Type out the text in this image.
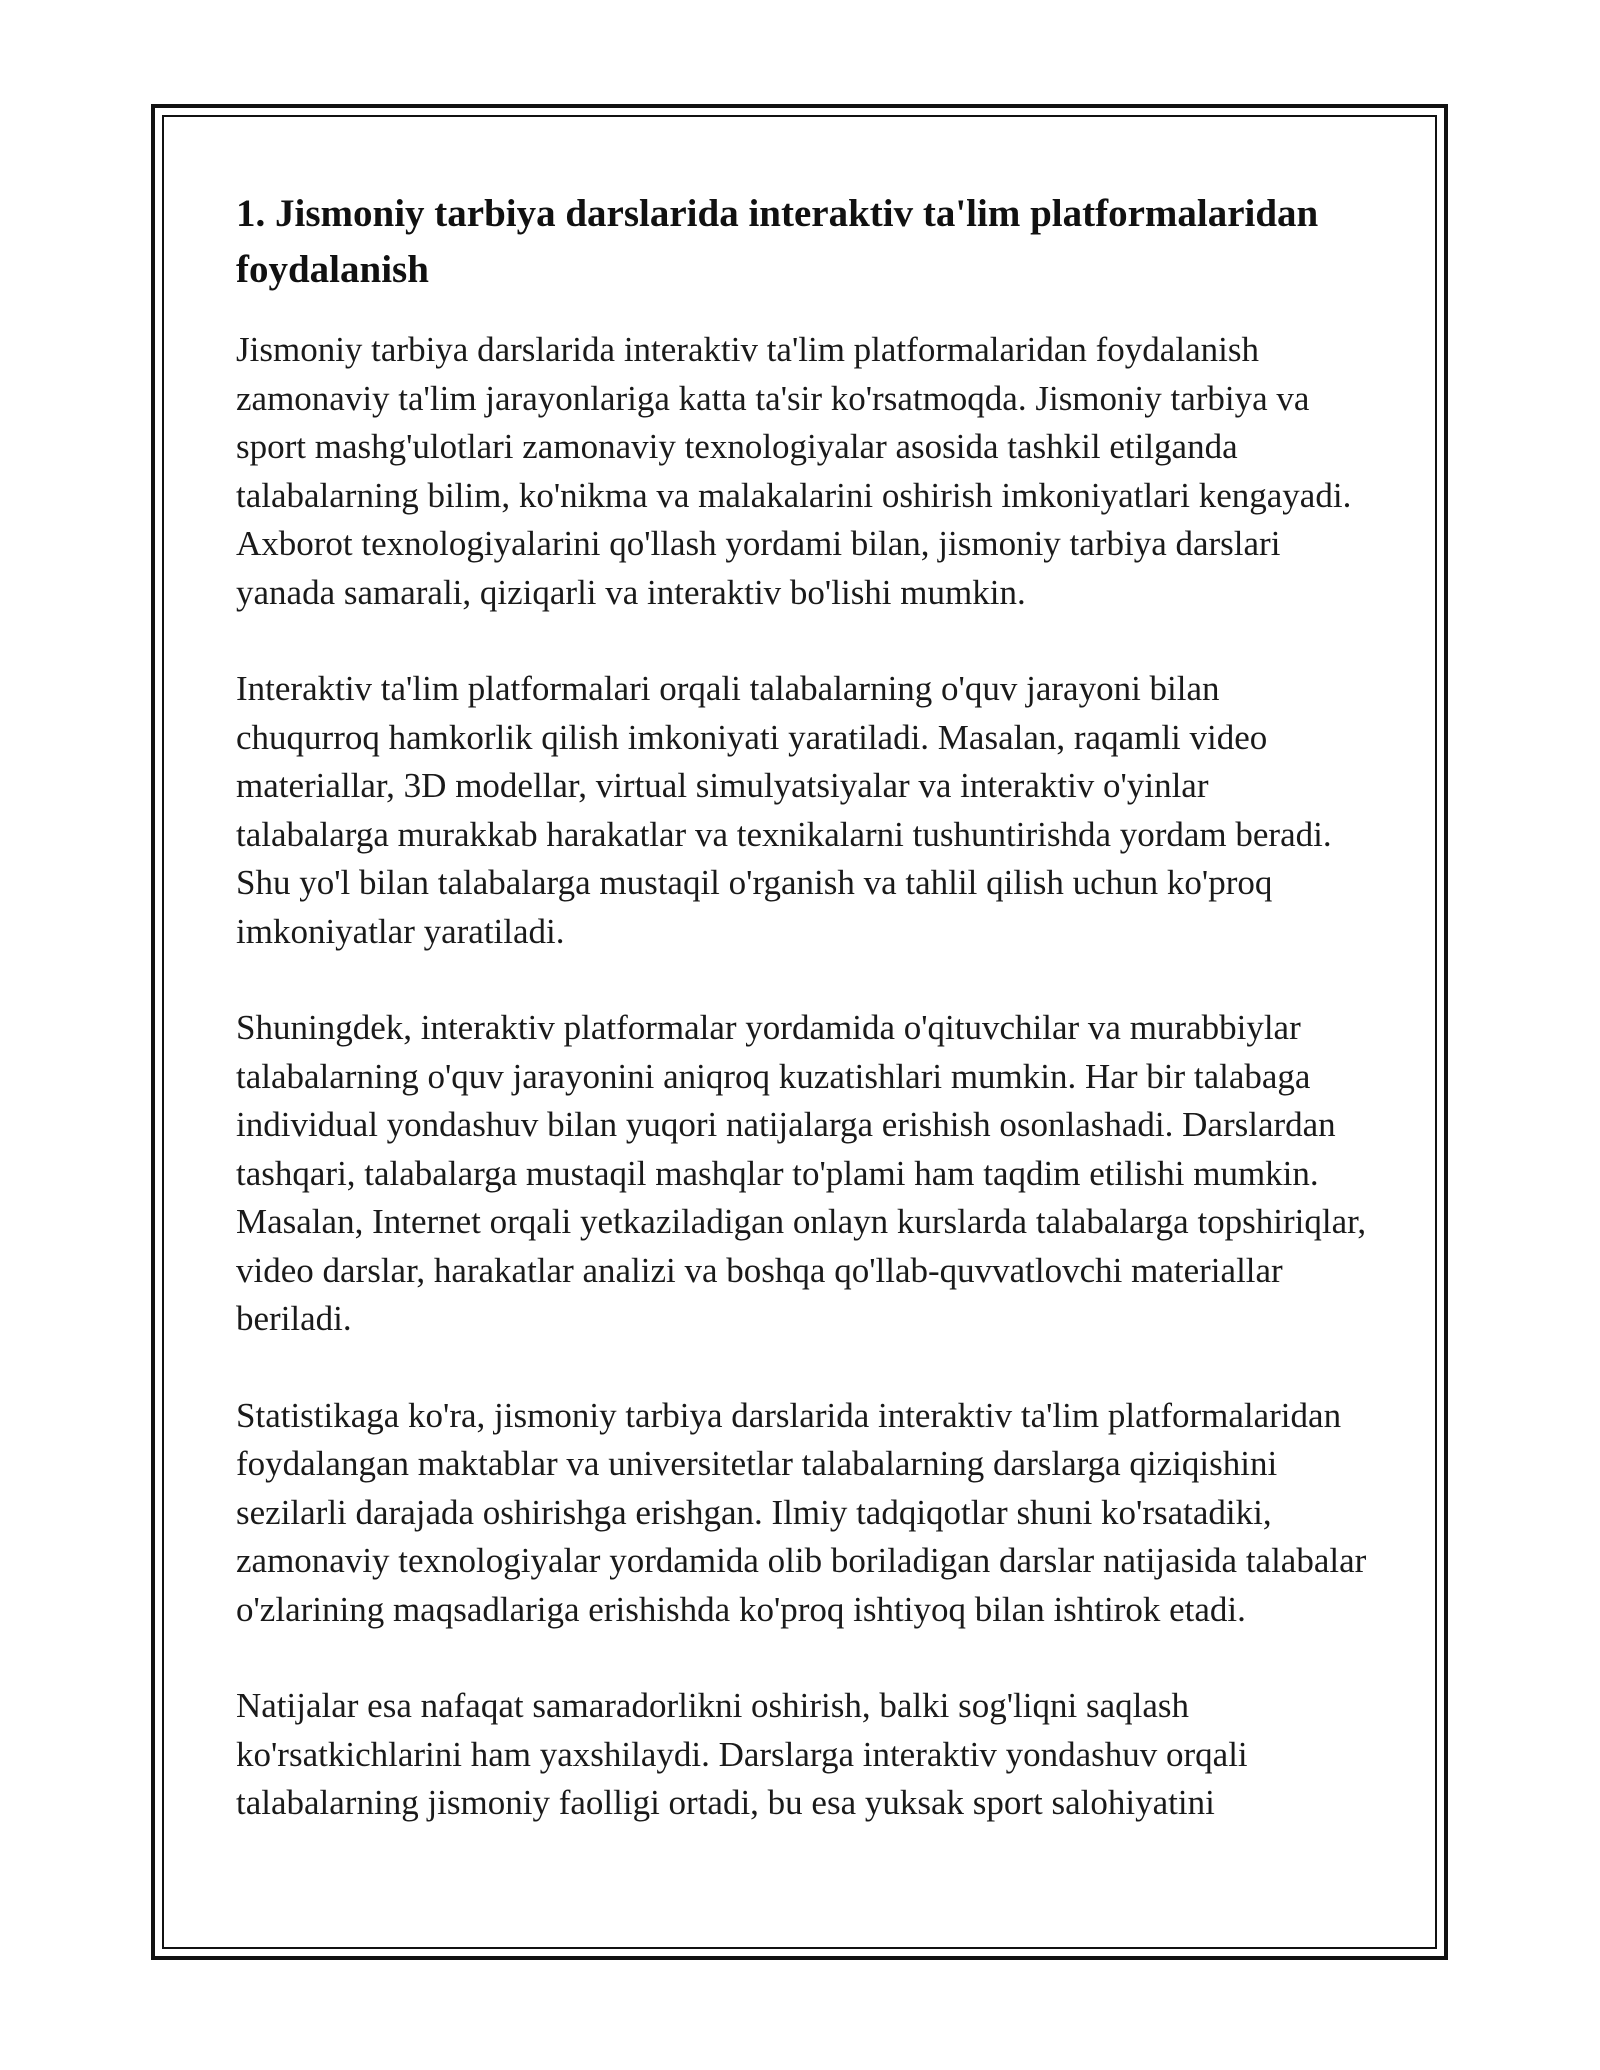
1. Jismoniy tarbiya darslarida interaktiv ta'lim platformalaridan foydalanish

Jismoniy tarbiya darslarida interaktiv ta'lim platformalaridan foydalanish zamonaviy ta'lim jarayonlariga katta ta'sir ko'rsatmoqda. Jismoniy tarbiya va sport mashg'ulotlari zamonaviy texnologiyalar asosida tashkil etilganda talabalarning bilim, ko'nikma va malakalarini oshirish imkoniyatlari kengayadi. Axborot texnologiyalarini qo'llash yordami bilan, jismoniy tarbiya darslari yanada samarali, qiziqarli va interaktiv bo'lishi mumkin.

Interaktiv ta'lim platformalari orqali talabalarning o'quv jarayoni bilan chuqurroq hamkorlik qilish imkoniyati yaratiladi. Masalan, raqamli video materiallar, 3D modellar, virtual simulyatsiyalar va interaktiv o'yinlar talabalarga murakkab harakatlar va texnikalarni tushuntirishda yordam beradi. Shu yo'l bilan talabalarga mustaqil o'rganish va tahlil qilish uchun ko'proq imkoniyatlar yaratiladi.

Shuningdek, interaktiv platformalar yordamida o'qituvchilar va murabbiylar talabalarning o'quv jarayonini aniqroq kuzatishlari mumkin. Har bir talabaga individual yondashuv bilan yuqori natijalarga erishish osonlashadi. Darslardan tashqari, talabalarga mustaqil mashqlar to'plami ham taqdim etilishi mumkin. Masalan, Internet orqali yetkaziladigan onlayn kurslarda talabalarga topshiriqlar, video darslar, harakatlar analizi va boshqa qo'llab-quvvatlovchi materiallar beriladi.

Statistikaga ko'ra, jismoniy tarbiya darslarida interaktiv ta'lim platformalaridan foydalangan maktablar va universitetlar talabalarning darslarga qiziqishini sezilarli darajada oshirishga erishgan. Ilmiy tadqiqotlar shuni ko'rsatadiki, zamonaviy texnologiyalar yordamida olib boriladigan darslar natijasida talabalar o'zlarining maqsadlariga erishishda ko'proq ishtiyoq bilan ishtirok etadi.

Natijalar esa nafaqat samaradorlikni oshirish, balki sog'liqni saqlash ko'rsatkichlarini ham yaxshilaydi. Darslarga interaktiv yondashuv orqali talabalarning jismoniy faolligi ortadi, bu esa yuksak sport salohiyatini
